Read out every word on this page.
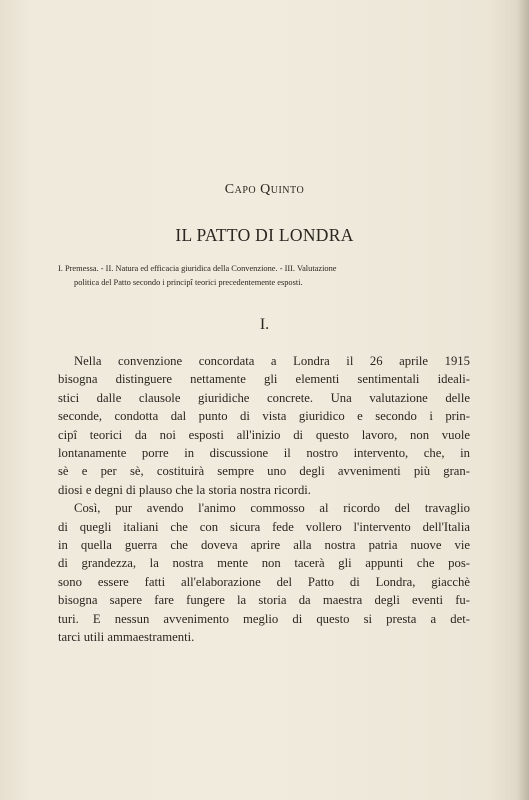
Capo Quinto
IL PATTO DI LONDRA
I. Premessa. - II. Natura ed efficacia giuridica della Convenzione. - III. Valutazione
politica del Patto secondo i principî teorici precedentemente esposti.
I.
Nella convenzione concordata a Londra il 26 aprile 1915
bisogna distinguere nettamente gli elementi sentimentali ideali-
stici dalle clausole giuridiche concrete. Una valutazione delle
seconde, condotta dal punto di vista giuridico e secondo i prin-
cipî teorici da noi esposti all'inizio di questo lavoro, non vuole
lontanamente porre in discussione il nostro intervento, che, in
sè e per sè, costituirà sempre uno degli avvenimenti più gran-
diosi e degni di plauso che la storia nostra ricordi.
Così, pur avendo l'animo commosso al ricordo del travaglio
di quegli italiani che con sicura fede vollero l'intervento dell'Italia
in quella guerra che doveva aprire alla nostra patria nuove vie
di grandezza, la nostra mente non tacerà gli appunti che pos-
sono essere fatti all'elaborazione del Patto di Londra, giacchè
bisogna sapere fare fungere la storia da maestra degli eventi fu-
turi. E nessun avvenimento meglio di questo si presta a det-
tarci utili ammaestramenti.
